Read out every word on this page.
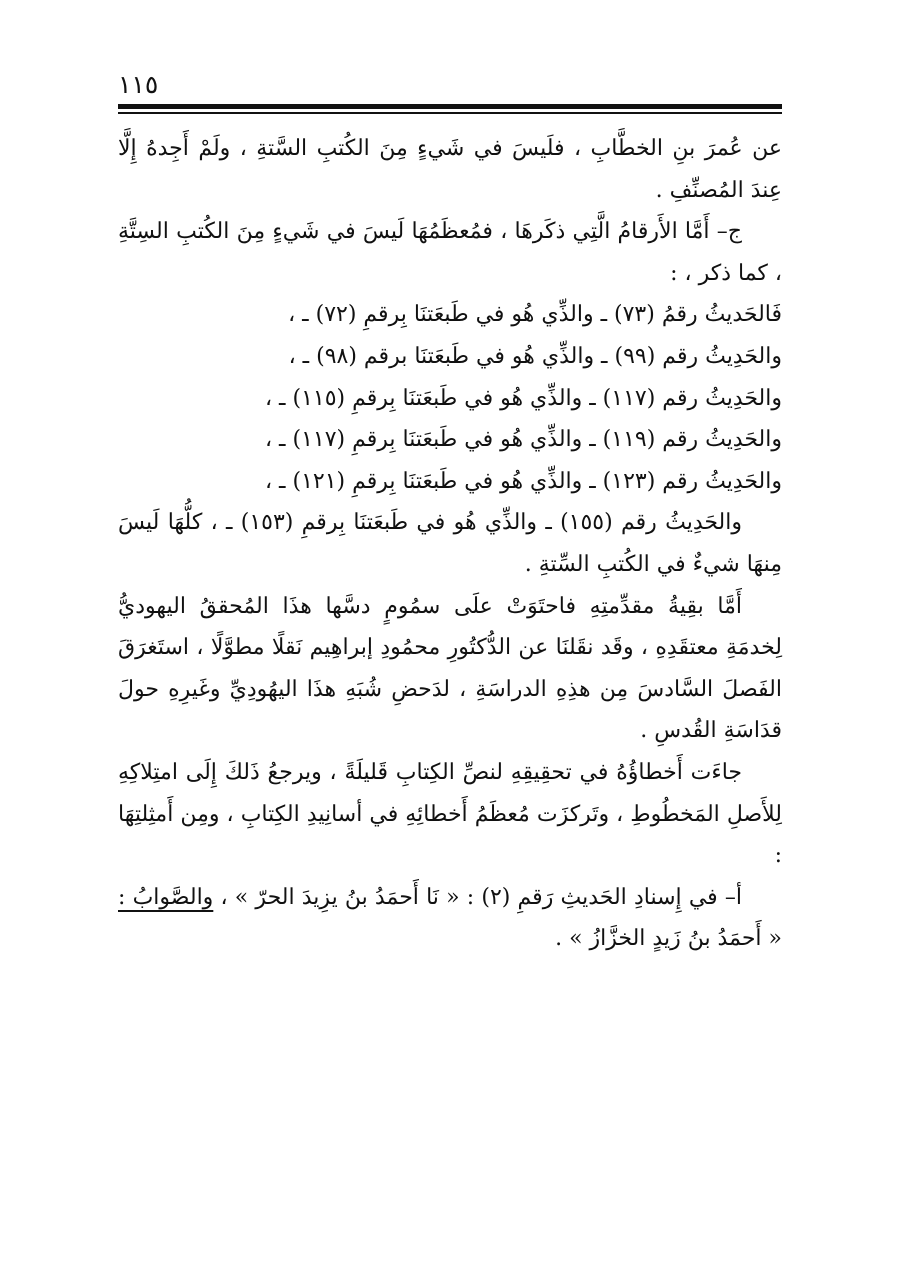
١١٥

عن عُمرَ بنِ الخطَّابِ ، فلَيسَ في شَيءٍ مِنَ الكُتبِ السَّتةِ ، ولَمْ أَجِدهُ إِلَّا عِندَ المُصنِّفِ .

ج– أَمَّا الأَرقامُ الَّتِي ذكَرهَا ، فمُعظَمُهَا لَيسَ في شَيءٍ مِنَ الكُتبِ السِتَّةِ ، كما ذكر ، :

فَالحَديثُ رقمُ (٧٣) ـ والذِّي هُو في طَبعَتنَا بِرقمِ (٧٢) ـ ،

والحَدِيثُ رقم (٩٩) ـ والذِّي هُو في طَبعَتنَا برقم (٩٨) ـ ،

والحَدِيثُ رقم (١١٧) ـ والذِّي هُو في طَبعَتنَا بِرقمِ (١١٥) ـ ،

والحَدِيثُ رقم (١١٩) ـ والذِّي هُو في طَبعَتنَا بِرقمِ (١١٧) ـ ،

والحَدِيثُ رقم (١٢٣) ـ والذِّي هُو في طَبعَتنَا بِرقمِ (١٢١) ـ ،

والحَدِيثُ رقم (١٥٥) ـ والذِّي هُو في طَبعَتنَا بِرقمِ (١٥٣) ـ ، كلُّهَا لَيسَ مِنهَا شيءٌ في الكُتبِ السِّتةِ .

أَمَّا بقِيةُ مقدِّمتِهِ فاحتَوَتْ علَى سمُومٍ دسَّها هذَا المُحققُ اليهوديُّ لِخدمَةِ معتقَدِهِ ، وقَد نقَلنَا عن الدُّكتُورِ محمُودِ إبراهِيم نَقلًا مطوَّلًا ، استَغرَقَ الفَصلَ السَّادسَ مِن هذِهِ الدراسَةِ ، لدَحضِ شُبَهِ هذَا اليهُودِيِّ وغَيرِهِ حولَ قدَاسَةِ القُدسِ .

جاءَت أَخطاؤُهُ في تحقِيقِهِ لنصِّ الكِتابِ قَليلَةً ، ويرجعُ ذَلكَ إِلَى امتِلاكِهِ لِلأَصلِ المَخطُوطِ ، وتَركزَت مُعظَمُ أَخطائِهِ في أسانِيدِ الكِتابِ ، ومِن أَمثِلتِهَا :

أ– في إِسنادِ الحَديثِ رَقمِ (٢) : « نَا أَحمَدُ بنُ يزِيدَ الحرّ » ، والصَّوابُ : « أَحمَدُ بنُ زَيدٍ الخزَّازُ » .
